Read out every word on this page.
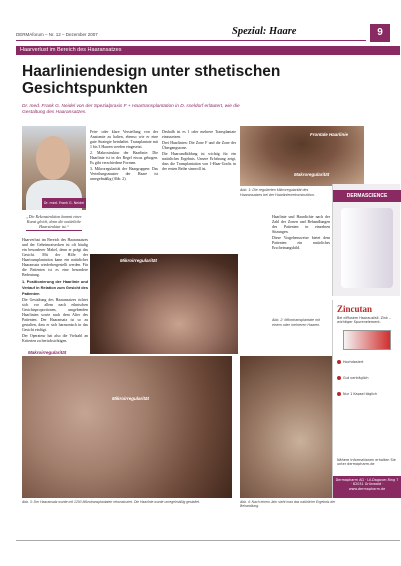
DERMAforum – Nr. 12 – Dezember 2007	Spezial: Haare	9
Haarverlust im Bereich des Haaransatzes
Haarliniendesign unter sthetischen Gesichtspunkten
Dr. med. Frank G. Neidel von der Spezialpraxis F + Haartransplantation in D. sseldorf erläutert, wie die Gestaltung des Haaransatzes.
Dr. med. Frank G. Neidel
„Die Rekonstruktion kommt einer Kunst gleich, denn die natürliche Haarstruktur ist.“

Haarverlust im Bereich des Haaransatzes und der Geheimratsecken ist oft häufig ein besonderer Makel, denn er prägt das Gesicht. Mit der Hilfe der Haartransplantation kann ein natürlicher Haaransatz wiederhergestellt werden. Für die Patienten ist es eine besondere Bedeutung.

1. Positionierung der Haarlinie und Verlauf in Relation zum Gesicht des Patienten

Die Gestaltung des Haaransatzes richtet sich vor allem nach ethnischen Gesichtsproportionen, umgebenden Haarlinien sowie nach dem Alter des Patienten. Der Haaransatz ist so zu gestalten, dass er sich harmonisch in das Gesicht einfügt.

Der Operateur hat also die Vielzahl an Kriterien zu berücksichtigen.

Fein- oder klare Verstellung von der Anatomie zu halten, ebenso wie er eine gute Strategie beinhaltet. Transplantate mit 1 bis 3 Haaren werden eingesetzt.

2. Makrostruktur der Haarlinie: Die Haarlinie ist in der Regel etwas gebogen. Es gibt verschiedene Formen.

3. Mikroregularität der Haargruppen: Das Verteilungsmuster der Haare ist unregelmäßig (Abb. 2).

Deshalb ist es 1 oder mehrere Transplantate einzusetzen.

Drei Haarlinien: Die Zone F und die Zone der Übergangszone.

Die Haarrandbildung ist wichtig für ein natürliches Ergebnis. Unsere Erfahrung zeigt, dass die Transplantation von 1-Haar-Grafts in der ersten Reihe sinnvoll ist.

Frontale Haarlinie
Makroregularität
Abb. 1: Die regulierten Mikroregularität des Haaransatzes bei der Haarlinienrekonstruktion.

Haarlinie und Haardichte nach der Zahl der Zonen und Behandlungen des Patienten in einzelnen Sitzungen.

Diese Vorgehensweise bietet dem Patienten ein natürliches Erscheinungsbild.

Abb. 2: Mikrotransplantate mit einem oder mehreren Haaren.
Mikroirregularität
Makroirregularität
Mikroirregularität
Abb. 3: Der Haaransatz wurde mit 1200 Mikrotransplantaten rekonstruiert. Die Haarlinie wurde unregelmäßig gestaltet.	Abb. 4: Nach einem Jahr sieht man das natürliche Ergebnis der Behandlung.
DERMASCIENCE
Zincutan
Bei diffusem Haarausfall. Zink – wichtiger Spurenelement.
Hochdosiert
Gut verträglich
Nur 1 Kapsel täglich
Nähere Informationen erhalten Sie unter dermapharm.de
Dermapharm AG · Lil-Dagover-Ring 7 · 82031 Grünwald · www.dermapharm.de
